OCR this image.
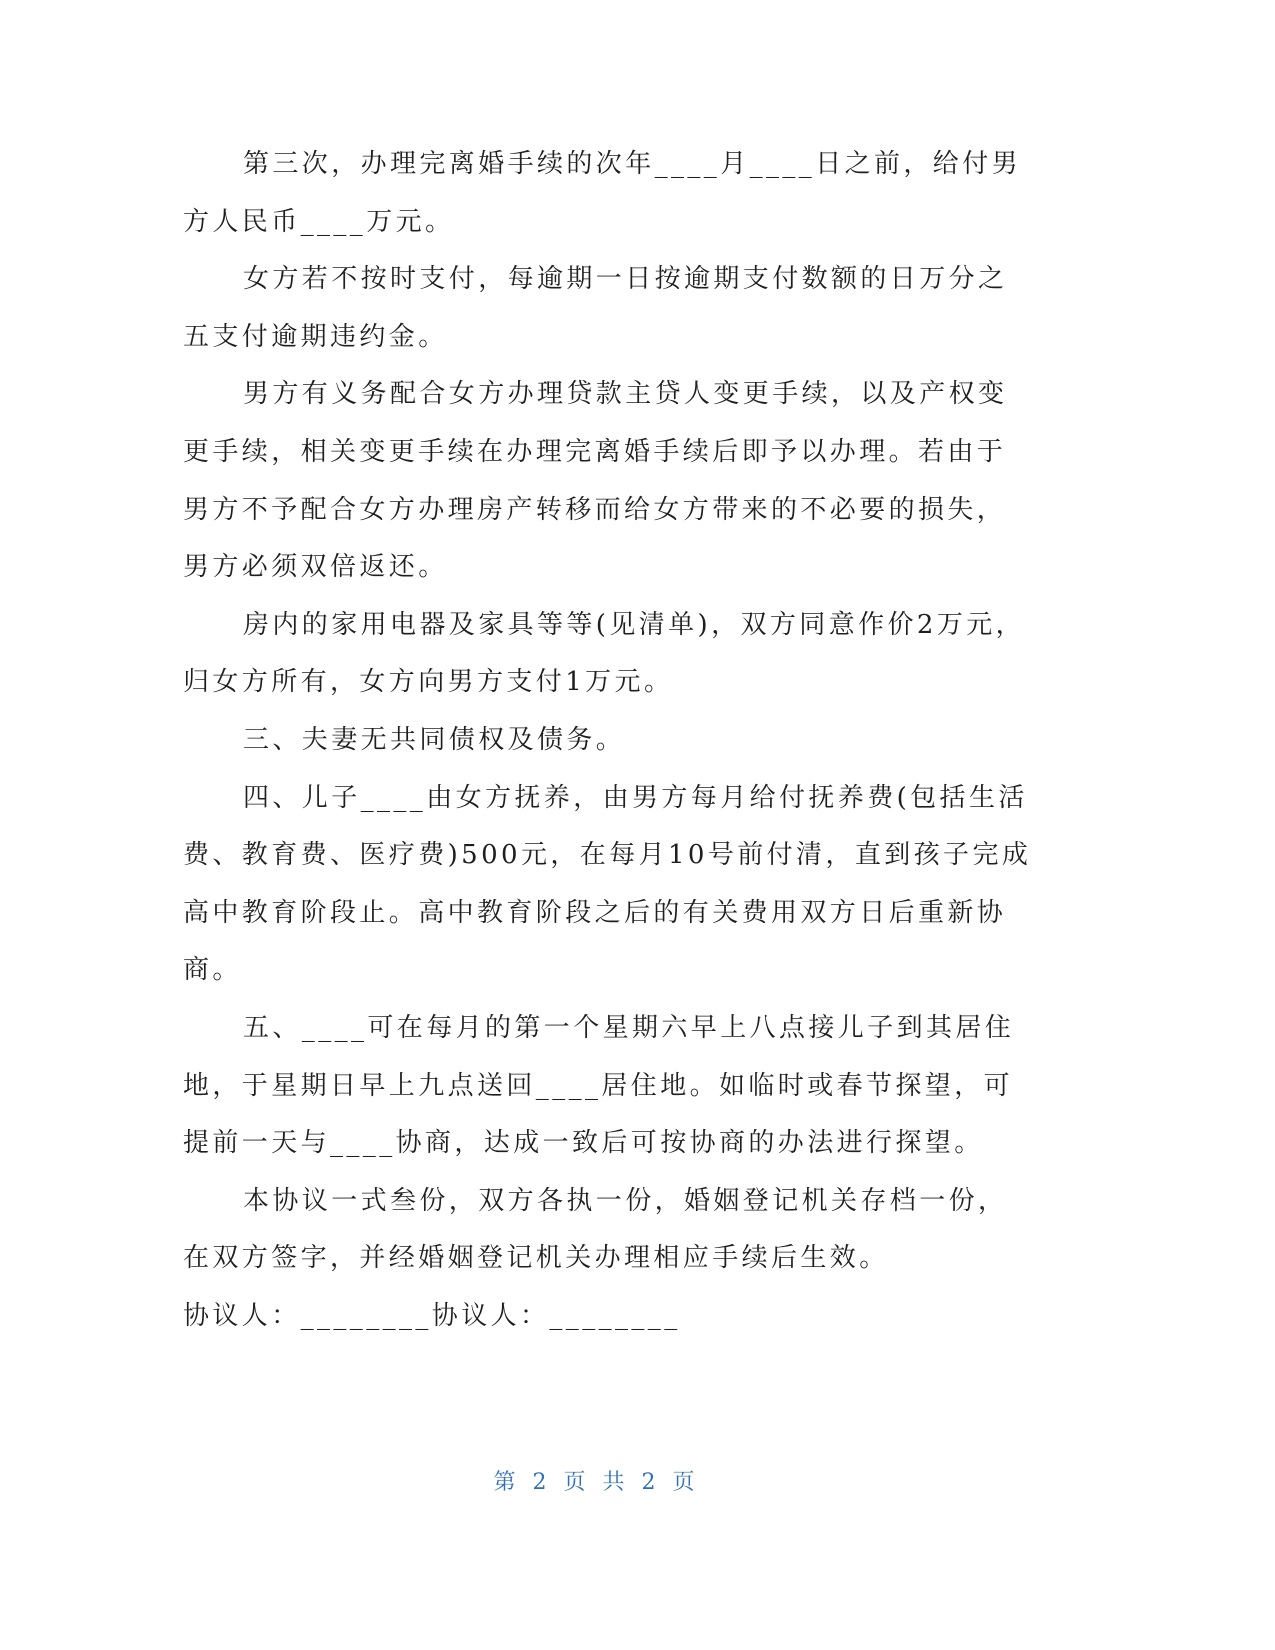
第三次，办理完离婚手续的次年____月____日之前，给付男
方人民币____万元。
女方若不按时支付，每逾期一日按逾期支付数额的日万分之
五支付逾期违约金。
男方有义务配合女方办理贷款主贷人变更手续，以及产权变
更手续，相关变更手续在办理完离婚手续后即予以办理。若由于
男方不予配合女方办理房产转移而给女方带来的不必要的损失，
男方必须双倍返还。
房内的家用电器及家具等等(见清单)，双方同意作价2万元，
归女方所有，女方向男方支付1万元。
三、夫妻无共同债权及债务。
四、儿子____由女方抚养，由男方每月给付抚养费(包括生活
费、教育费、医疗费)500元，在每月10号前付清，直到孩子完成
高中教育阶段止。高中教育阶段之后的有关费用双方日后重新协
商。
五、____可在每月的第一个星期六早上八点接儿子到其居住
地，于星期日早上九点送回____居住地。如临时或春节探望，可
提前一天与____协商，达成一致后可按协商的办法进行探望。
本协议一式叁份，双方各执一份，婚姻登记机关存档一份，
在双方签字，并经婚姻登记机关办理相应手续后生效。
协议人：________协议人：________
第 2 页 共 2 页
